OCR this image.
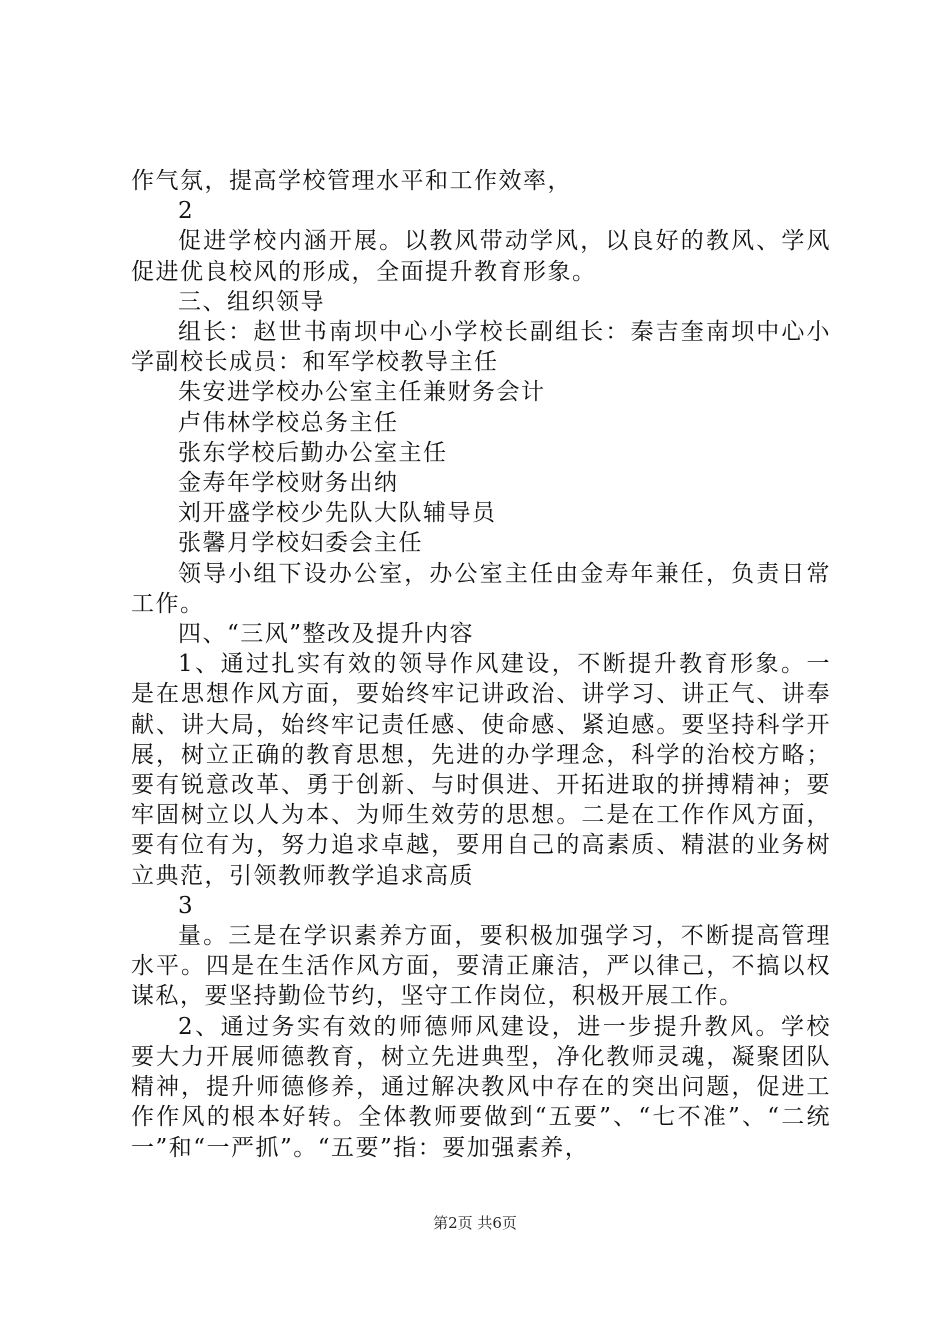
作气氛，提高学校管理水平和工作效率，

2

促进学校内涵开展。以教风带动学风，以良好的教风、学风促进优良校风的形成，全面提升教育形象。

三、组织领导

组长：赵世书南坝中心小学校长副组长：秦吉奎南坝中心小学副校长成员：和军学校教导主任

朱安进学校办公室主任兼财务会计

卢伟林学校总务主任

张东学校后勤办公室主任

金寿年学校财务出纳

刘开盛学校少先队大队辅导员

张馨月学校妇委会主任

领导小组下设办公室，办公室主任由金寿年兼任，负责日常工作。

四、“三风”整改及提升内容

1、通过扎实有效的领导作风建设，不断提升教育形象。一是在思想作风方面，要始终牢记讲政治、讲学习、讲正气、讲奉献、讲大局，始终牢记责任感、使命感、紧迫感。要坚持科学开展，树立正确的教育思想，先进的办学理念，科学的治校方略；要有锐意改革、勇于创新、与时俱进、开拓进取的拼搏精神；要牢固树立以人为本、为师生效劳的思想。二是在工作作风方面，要有位有为，努力追求卓越，要用自己的高素质、精湛的业务树立典范，引领教师教学追求高质

3

量。三是在学识素养方面，要积极加强学习，不断提高管理水平。四是在生活作风方面，要清正廉洁，严以律己，不搞以权谋私，要坚持勤俭节约，坚守工作岗位，积极开展工作。

2、通过务实有效的师德师风建设，进一步提升教风。学校要大力开展师德教育，树立先进典型，净化教师灵魂，凝聚团队精神，提升师德修养，通过解决教风中存在的突出问题，促进工作作风的根本好转。全体教师要做到“五要”、“七不准”、“二统一”和“一严抓”。“五要”指：要加强素养，

第2页 共6页
